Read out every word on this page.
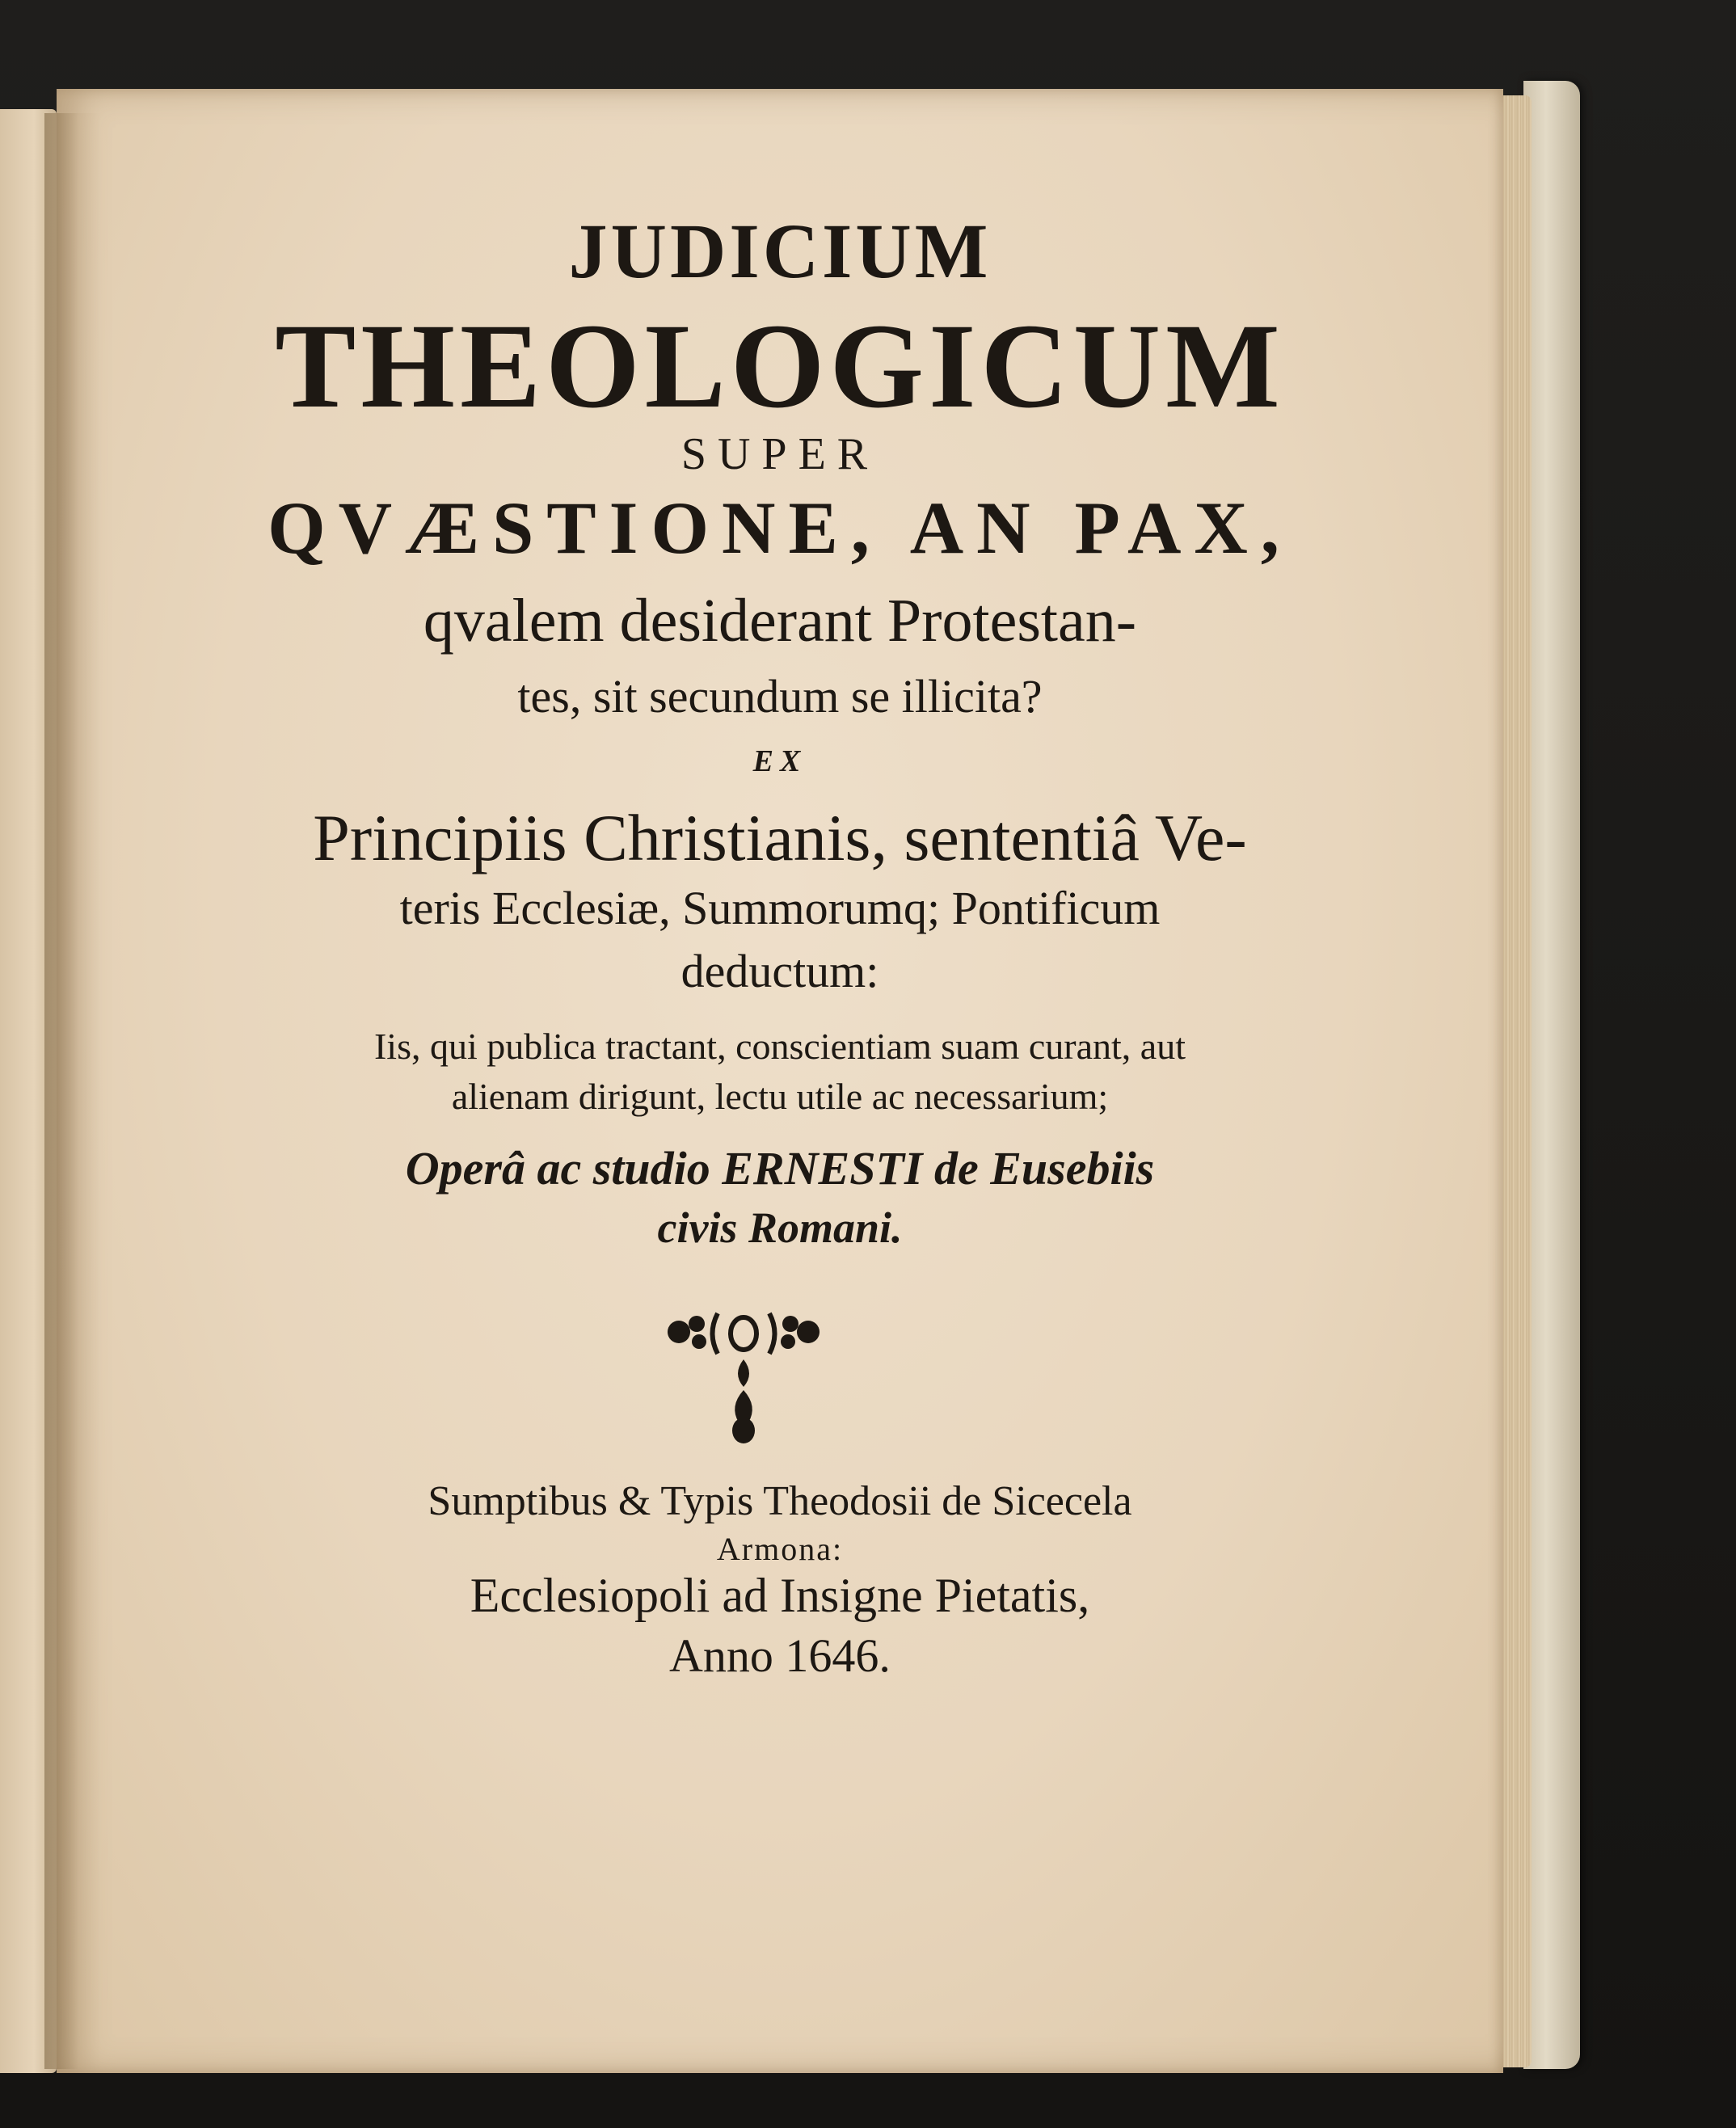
JUDICIUM

THEOLOGICUM

SUPER

QVÆSTIONE, AN PAX,

qvalem desiderant Protestan-

tes, sit secundum se illicita?

EX

Principiis Christianis, sententiâ Ve-

teris Ecclesiæ, Summorumq; Pontificum

deductum:

Iis, qui publica tractant, conscientiam suam curant, aut

alienam dirigunt, lectu utile ac necessarium;

Operâ ac studio ERNESTI de Eusebiis

civis Romani.

Sumptibus & Typis Theodosii de Sicecela

Armona:

Ecclesiopoli ad Insigne Pietatis,

Anno 1646.
